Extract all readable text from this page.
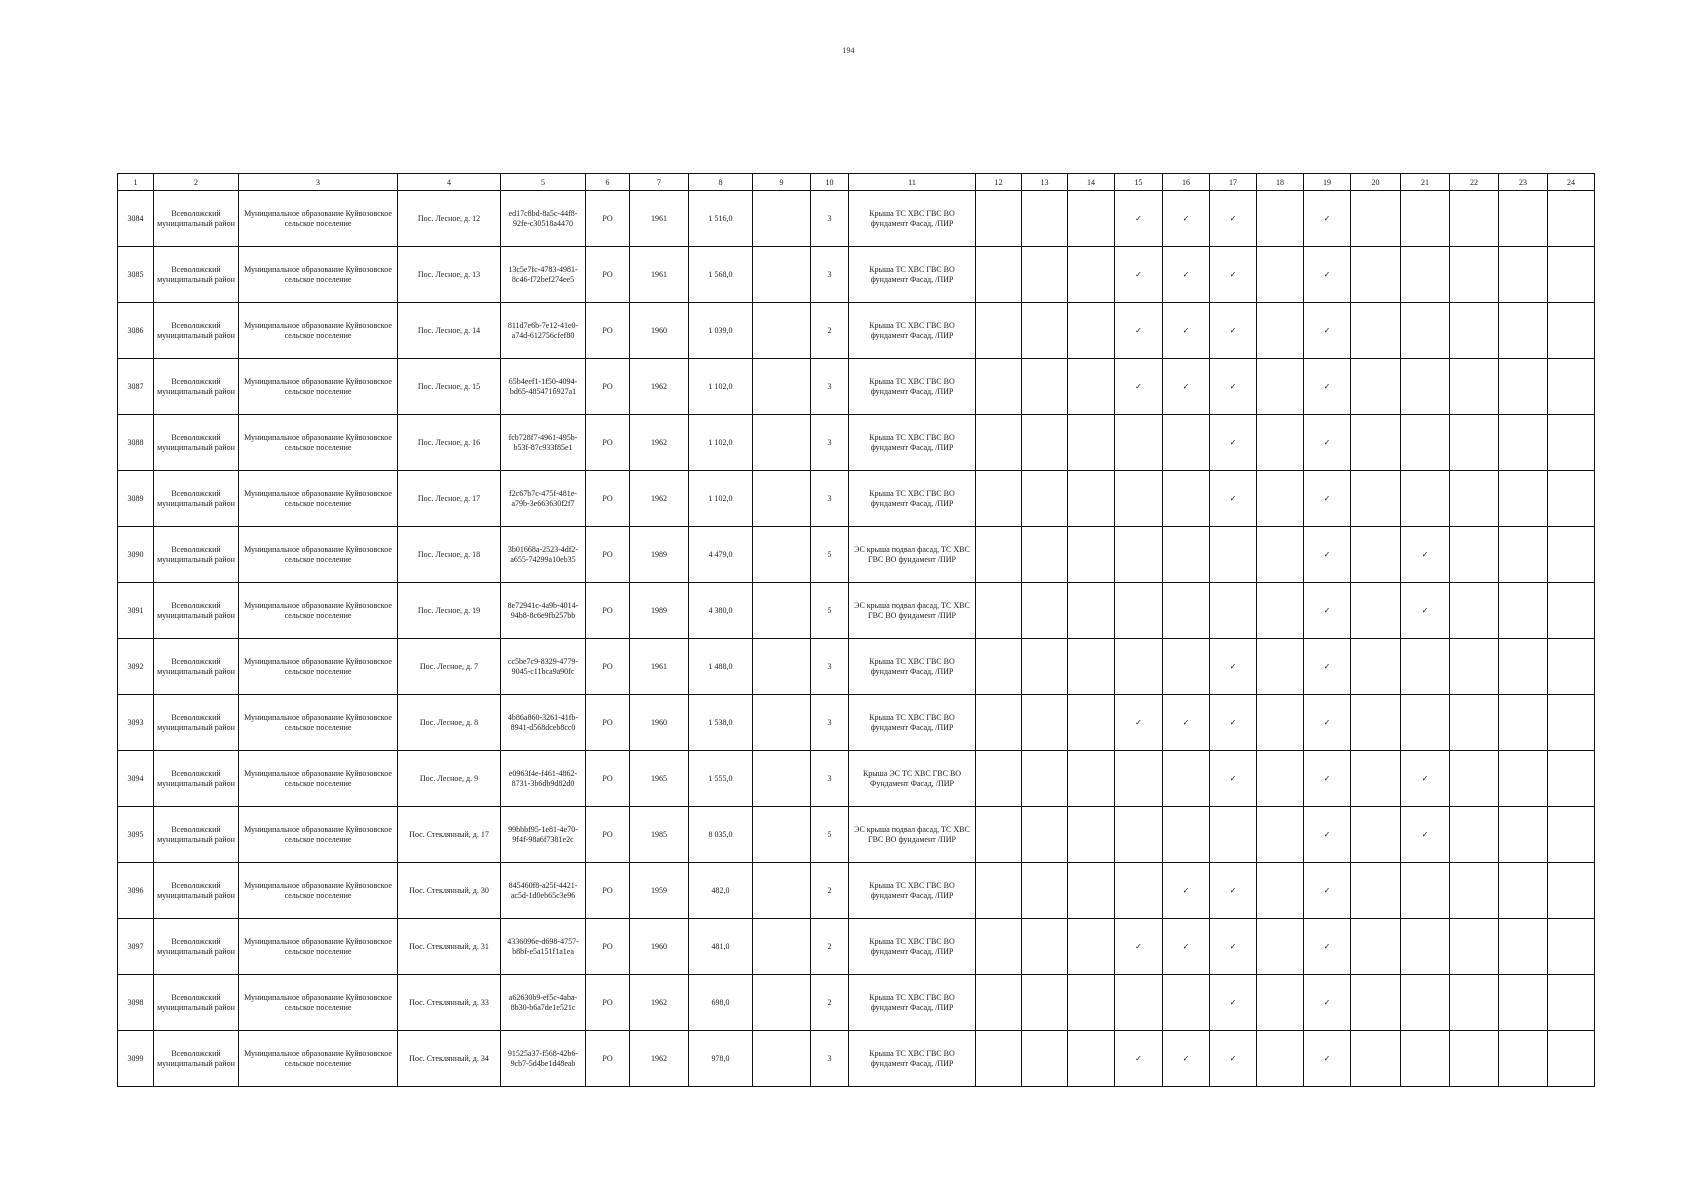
194
1	2	3	4	5	6	7	8	9	10	11	12	13	14	15	16	17	18	19	20	21	22	23	24
3084	Всеволожский муниципальный район	Муниципальное образование Куйвозовское сельское поселение	Пос. Лесное, д. 12	ed17c8bd-8a5c-44f8-92fe-c30518a4470	РО	1961	1 516,0		3	Крыша ТС ХВС ГВС ВО фундамент Фасад, /ПИР				✓	✓	✓		✓					
3085	Всеволожский муниципальный район	Муниципальное образование Куйвозовское сельское поселение	Пос. Лесное, д. 13	13c5e7fc-4783-4981-8c46-f72bef274ee5	РО	1961	1 568,0		3	Крыша ТС ХВС ГВС ВО фундамент Фасад, /ПИР				✓	✓	✓		✓					
3086	Всеволожский муниципальный район	Муниципальное образование Куйвозовское сельское поселение	Пос. Лесное, д. 14	811d7e6b-7e12-41e0-a74d-612756cfef80	РО	1960	1 039,0		2	Крыша ТС ХВС ГВС ВО фундамент Фасад, /ПИР				✓	✓	✓		✓					
3087	Всеволожский муниципальный район	Муниципальное образование Куйвозовское сельское поселение	Пос. Лесное, д. 15	65b4eef1-1f50-4094-bd65-485471б927а1	РО	1962	1 102,0		3	Крыша ТС ХВС ГВС ВО фундамент Фасад, /ПИР				✓	✓	✓		✓					
3088	Всеволожский муниципальный район	Муниципальное образование Куйвозовское сельское поселение	Пос. Лесное, д. 16	fcb728f7-4961-495b-b53f-87c933f85e1	РО	1962	1 102,0		3	Крыша ТС ХВС ГВС ВО фундамент Фасад, /ПИР						✓		✓					
3089	Всеволожский муниципальный район	Муниципальное образование Куйвозовское сельское поселение	Пос. Лесное, д. 17	f2c67b7c-475f-481e-a79b-3e663630f2f7	РО	1962	1 102,0		3	Крыша ТС ХВС ГВС ВО фундамент Фасад, /ПИР						✓		✓					
3090	Всеволожский муниципальный район	Муниципальное образование Куйвозовское сельское поселение	Пос. Лесное, д. 18	3b01668a-2523-4df2-a655-74299a10eb35	РО	1989	4 479,0		5	ЭС крыша подвал фасад, ТС ХВС ГВС ВО фундамент /ПИР								✓		✓			
3091	Всеволожский муниципальный район	Муниципальное образование Куйвозовское сельское поселение	Пос. Лесное, д. 19	8e72941c-4a9b-4014-94b8-8c6e9fb257bb	РО	1989	4 380,0		5	ЭС крыша подвал фасад, ТС ХВС ГВС ВО фундамент /ПИР								✓		✓			
3092	Всеволожский муниципальный район	Муниципальное образование Куйвозовское сельское поселение	Пос. Лесное, д. 7	cc5be7c9-8329-4779-9045-c11bca9a90fc	РО	1961	1 488,0		3	Крыша ТС ХВС ГВС ВО фундамент Фасад, /ПИР						✓		✓					
3093	Всеволожский муниципальный район	Муниципальное образование Куйвозовское сельское поселение	Пос. Лесное, д. 8	4b86a860-3261-41fb-8941-d568dceb8cc0	РО	1960	1 538,0		3	Крыша ТС ХВС ГВС ВО фундамент Фасад, /ПИР				✓	✓	✓		✓					
3094	Всеволожский муниципальный район	Муниципальное образование Куйвозовское сельское поселение	Пос. Лесное, д. 9	e0963f4e-f461-4862-8731-3b6db9d82d0	РО	1965	1 555,0		3	Крыша ЭС ТС ХВС ГВС ВО Фундамент Фасад, /ПИР						✓		✓		✓			
3095	Всеволожский муниципальный район	Муниципальное образование Куйвозовское сельское поселение	Пос. Стеклянный, д. 17	99bbbf95-1e81-4e70-9f4f-98a6f7381e2c	РО	1985	8 035,0		5	ЭС крыша подвал фасад, ТС ХВС ГВС ВО фундамент /ПИР								✓		✓			
3096	Всеволожский муниципальный район	Муниципальное образование Куйвозовское сельское поселение	Пос. Стеклянный, д. 30	845460f8-a25f-4421-ac5d-1d0eb65c3e96	РО	1959	482,0		2	Крыша ТС ХВС ГВС ВО фундамент Фасад, /ПИР					✓	✓		✓					
3097	Всеволожский муниципальный район	Муниципальное образование Куйвозовское сельское поселение	Пос. Стеклянный, д. 31	4336096e-d698-4757-b8bf-e5a151f1a1ea	РО	1960	481,0		2	Крыша ТС ХВС ГВС ВО фундамент Фасад, /ПИР				✓	✓	✓		✓					
3098	Всеволожский муниципальный район	Муниципальное образование Куйвозовское сельское поселение	Пос. Стеклянный, д. 33	a62630b9-ef5c-4aba-8b30-b6a7de1e521c	РО	1962	698,0		2	Крыша ТС ХВС ГВС ВО фундамент Фасад, /ПИР						✓		✓					
3099	Всеволожский муниципальный район	Муниципальное образование Куйвозовское сельское поселение	Пос. Стеклянный, д. 34	91525a37-f568-42b6-9cb7-5d4be1d48eab	РО	1962	978,0		3	Крыша ТС ХВС ГВС ВО фундамент Фасад, /ПИР				✓	✓	✓		✓					
